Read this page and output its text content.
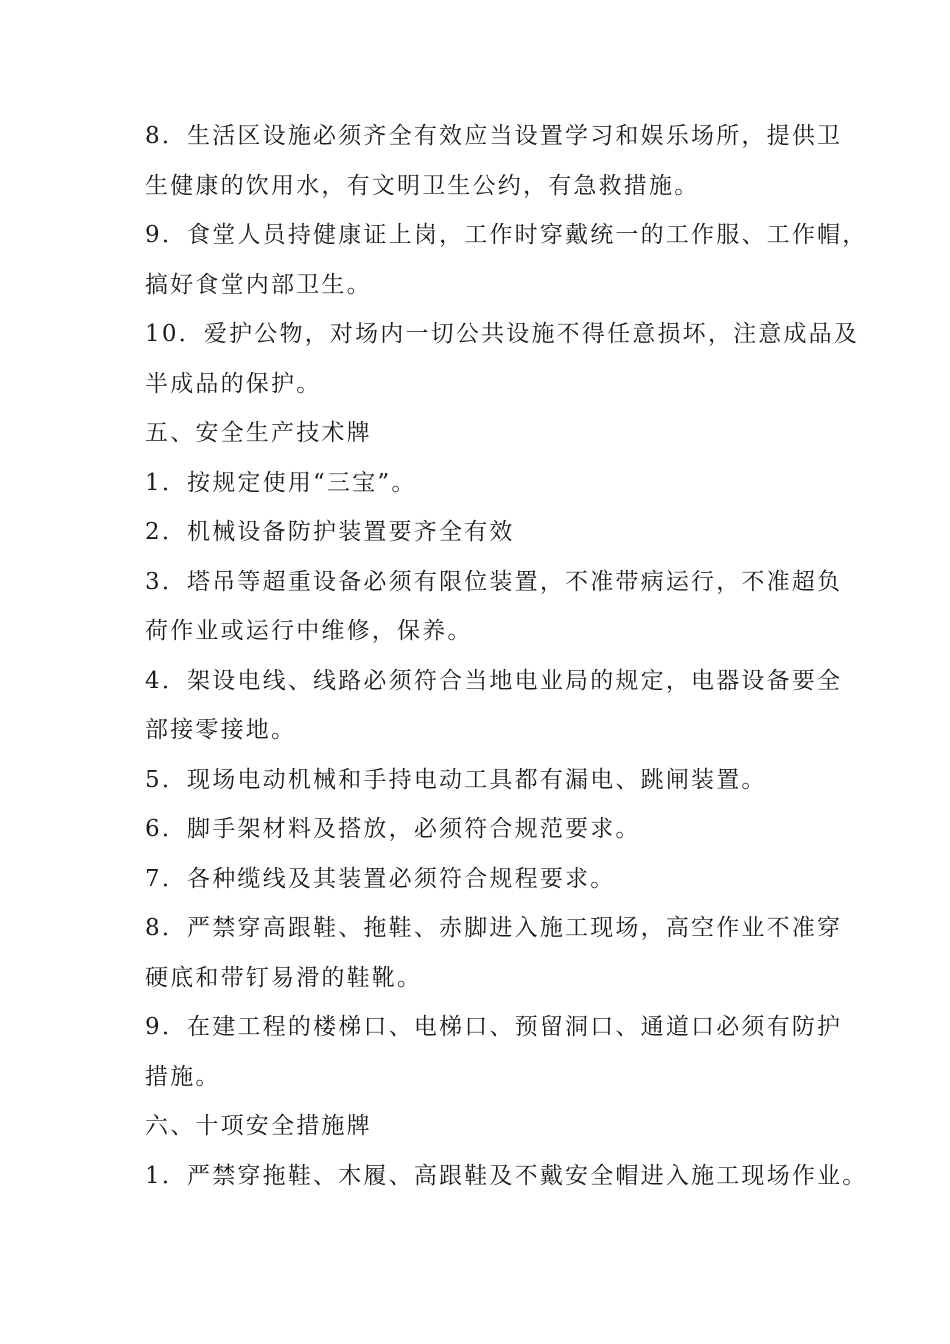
8．生活区设施必须齐全有效应当设置学习和娱乐场所，提供卫
生健康的饮用水，有文明卫生公约，有急救措施。
9．食堂人员持健康证上岗，工作时穿戴统一的工作服、工作帽，
搞好食堂内部卫生。
10．爱护公物，对场内一切公共设施不得任意损坏，注意成品及
半成品的保护。
五、安全生产技术牌
1．按规定使用“三宝”。
2．机械设备防护装置要齐全有效
3．塔吊等超重设备必须有限位装置，不准带病运行，不准超负
荷作业或运行中维修，保养。
4．架设电线、线路必须符合当地电业局的规定，电器设备要全
部接零接地。
5．现场电动机械和手持电动工具都有漏电、跳闸装置。
6．脚手架材料及搭放，必须符合规范要求。
7．各种缆线及其装置必须符合规程要求。
8．严禁穿高跟鞋、拖鞋、赤脚进入施工现场，高空作业不准穿
硬底和带钉易滑的鞋靴。
9．在建工程的楼梯口、电梯口、预留洞口、通道口必须有防护
措施。
六、十项安全措施牌
1．严禁穿拖鞋、木履、高跟鞋及不戴安全帽进入施工现场作业。
